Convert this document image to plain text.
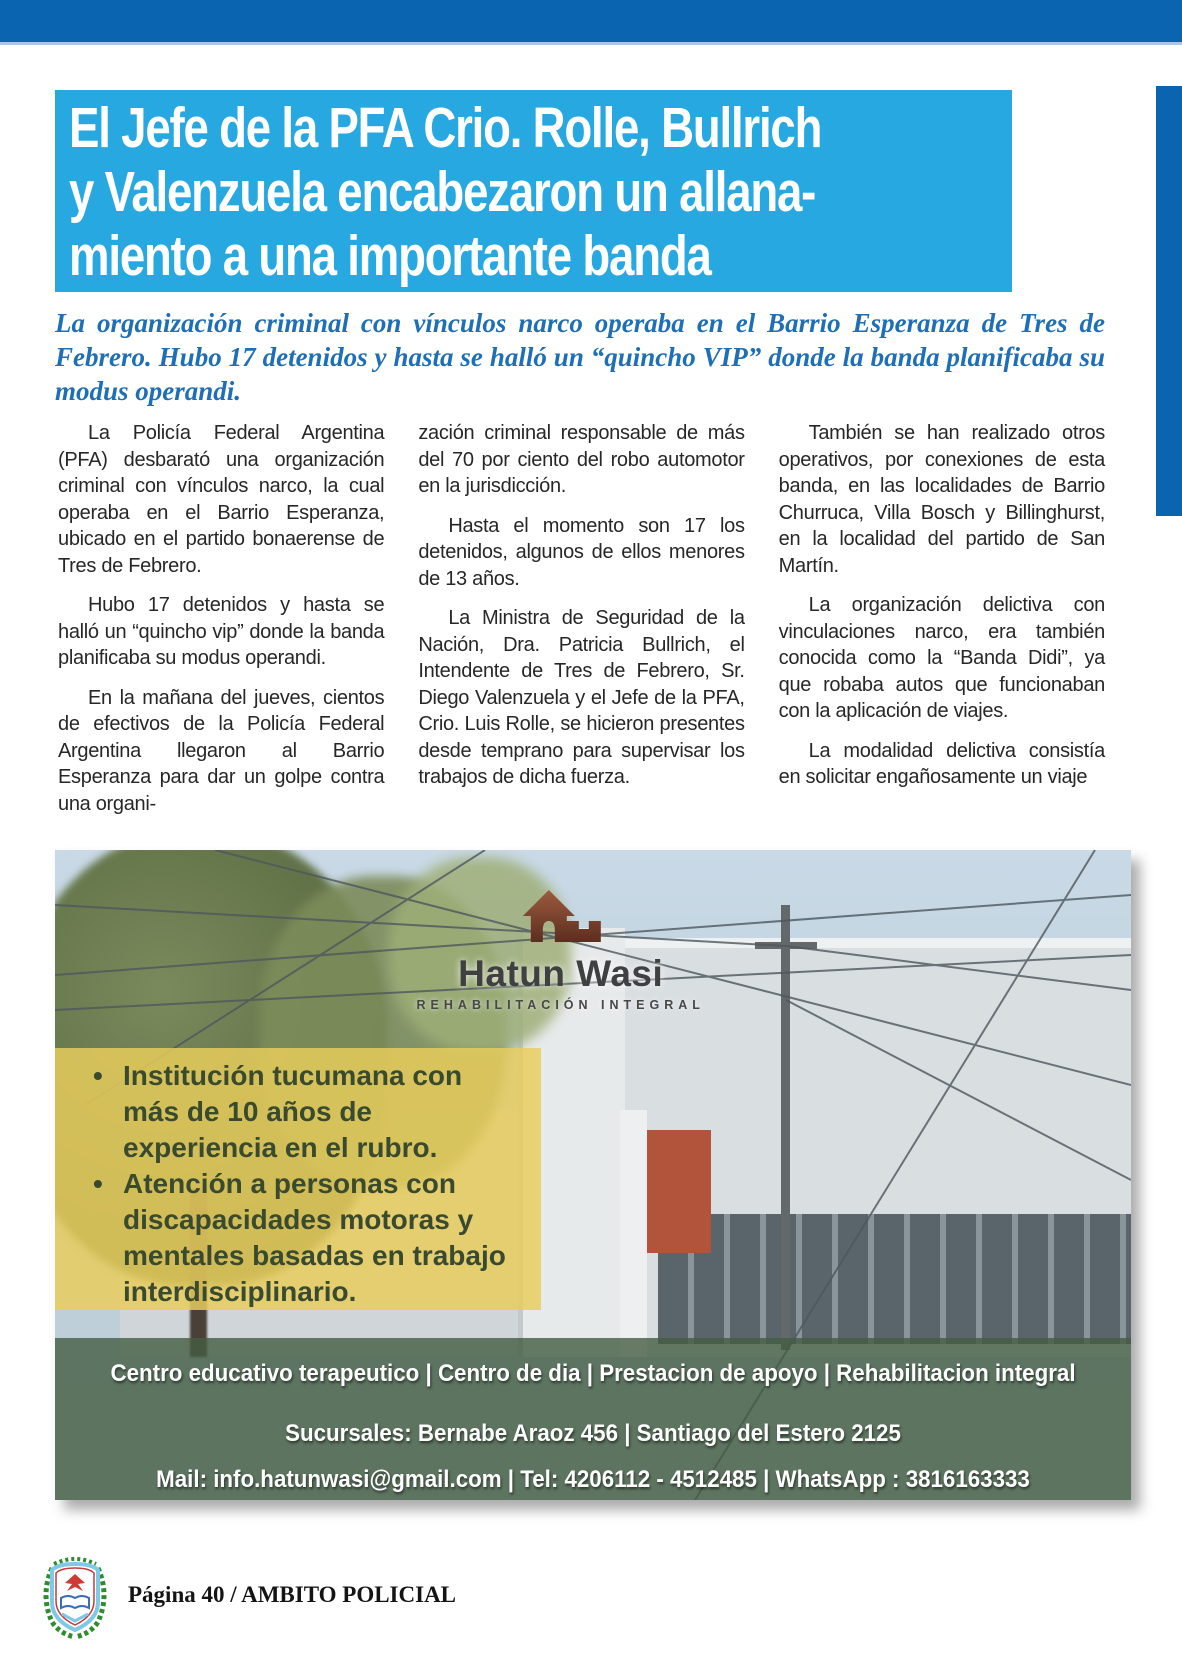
El Jefe de la PFA Crio. Rolle, Bullrich
y Valenzuela encabezaron un allana-
miento a una importante banda
La organización criminal con vínculos narco operaba en el Barrio Esperanza de Tres de Febrero. Hubo 17 detenidos y hasta se halló un “quincho VIP” donde la banda planificaba su modus operandi.

La Policía Federal Argentina (PFA) desbarató una organización criminal con vínculos narco, la cual operaba en el Barrio Esperanza, ubicado en el partido bonaerense de Tres de Febrero.

Hubo 17 detenidos y hasta se halló un “quincho vip” donde la banda planificaba su modus operandi.

En la mañana del jueves, cientos de efectivos de la Policía Federal Argentina llegaron al Barrio Esperanza para dar un golpe contra una organi-

zación criminal responsable de más del 70 por ciento del robo automotor en la jurisdicción.

Hasta el momento son 17 los detenidos, algunos de ellos menores de 13 años.

La Ministra de Seguridad de la Nación, Dra. Patricia Bullrich, el Intendente de Tres de Febrero, Sr. Diego Valenzuela y el Jefe de la PFA, Crio. Luis Rolle, se hicieron presentes desde temprano para supervisar los trabajos de dicha fuerza.

También se han realizado otros operativos, por conexiones de esta banda, en las localidades de Barrio Churruca, Villa Bosch y Billinghurst, en la localidad del partido de San Martín.

La organización delictiva con vinculaciones narco, era también conocida como la “Banda Didi”, ya que robaba autos que funcionaban con la aplicación de viajes.

La modalidad delictiva consistía en solicitar engañosamente un viaje

Hatun Wasi
REHABILITACIÓN INTEGRAL
• Institución tucumana con más de 10 años de experiencia en el rubro.
• Atención a personas con discapacidades motoras y mentales basadas en trabajo interdisciplinario.
Centro educativo terapeutico | Centro de dia | Prestacion de apoyo | Rehabilitacion integral
Sucursales: Bernabe Araoz 456 | Santiago del Estero 2125
Mail: info.hatunwasi@gmail.com | Tel: 4206112 - 4512485 | WhatsApp : 3816163333
Página 40 / AMBITO POLICIAL
